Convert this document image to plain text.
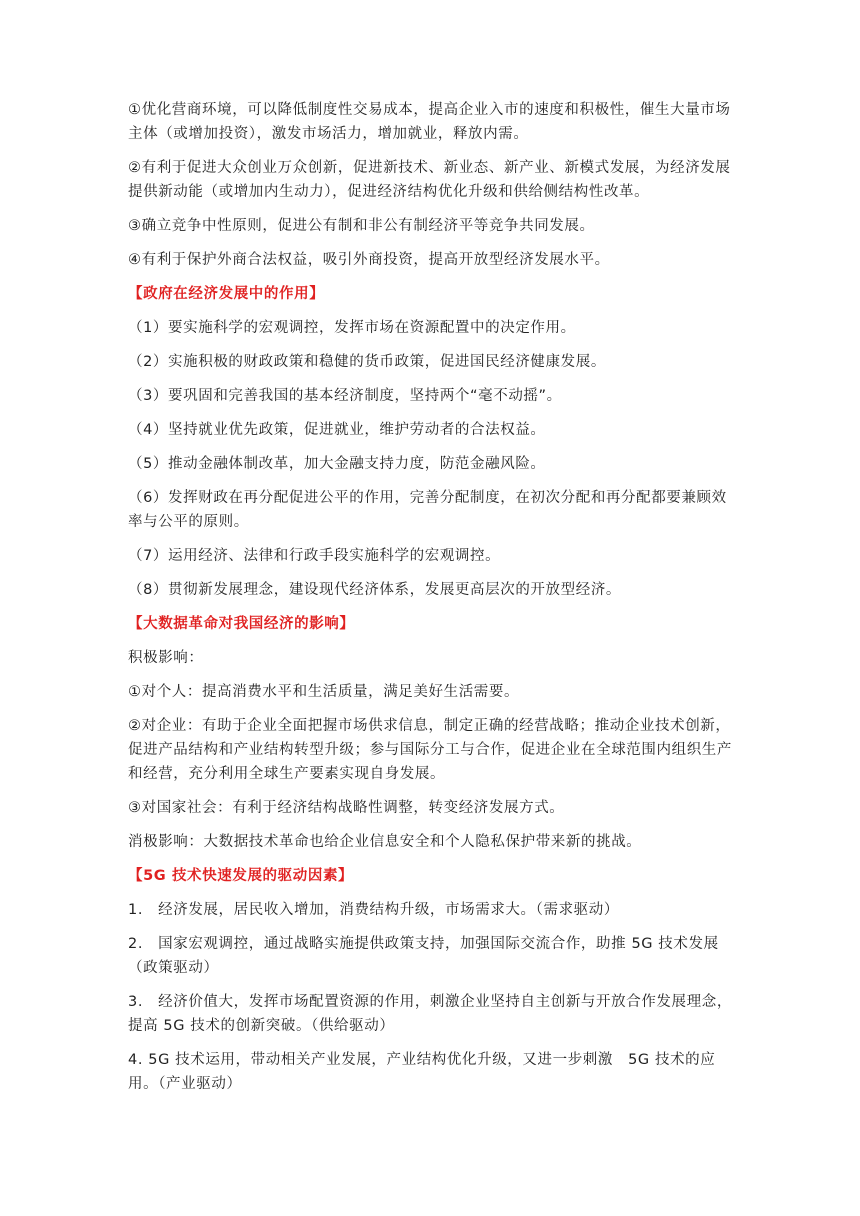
①优化营商环境，可以降低制度性交易成本，提高企业入市的速度和积极性，催生大量市场主体（或增加投资），激发市场活力，增加就业，释放内需。

②有利于促进大众创业万众创新，促进新技术、新业态、新产业、新模式发展，为经济发展提供新动能（或增加内生动力），促进经济结构优化升级和供给侧结构性改革。

③确立竞争中性原则，促进公有制和非公有制经济平等竞争共同发展。

④有利于保护外商合法权益，吸引外商投资，提高开放型经济发展水平。

【政府在经济发展中的作用】

（1）要实施科学的宏观调控，发挥市场在资源配置中的决定作用。

（2）实施积极的财政政策和稳健的货币政策，促进国民经济健康发展。

（3）要巩固和完善我国的基本经济制度，坚持两个“毫不动摇”。

（4）坚持就业优先政策，促进就业，维护劳动者的合法权益。

（5）推动金融体制改革，加大金融支持力度，防范金融风险。

（6）发挥财政在再分配促进公平的作用，完善分配制度，在初次分配和再分配都要兼顾效率与公平的原则。

（7）运用经济、法律和行政手段实施科学的宏观调控。

（8）贯彻新发展理念，建设现代经济体系，发展更高层次的开放型经济。

【大数据革命对我国经济的影响】

积极影响：

①对个人：提高消费水平和生活质量，满足美好生活需要。

②对企业：有助于企业全面把握市场供求信息，制定正确的经营战略；推动企业技术创新，促进产品结构和产业结构转型升级；参与国际分工与合作，促进企业在全球范围内组织生产和经营，充分利用全球生产要素实现自身发展。

③对国家社会：有利于经济结构战略性调整，转变经济发展方式。

消极影响：大数据技术革命也给企业信息安全和个人隐私保护带来新的挑战。

【5G 技术快速发展的驱动因素】

1.　经济发展，居民收入增加，消费结构升级，市场需求大。（需求驱动）

2.　国家宏观调控，通过战略实施提供政策支持，加强国际交流合作，助推 5G 技术发展（政策驱动）

3.　经济价值大，发挥市场配置资源的作用，刺激企业坚持自主创新与开放合作发展理念，提高 5G 技术的创新突破。（供给驱动）

4. 5G 技术运用，带动相关产业发展，产业结构优化升级，又进一步刺激　5G 技术的应用。（产业驱动）
